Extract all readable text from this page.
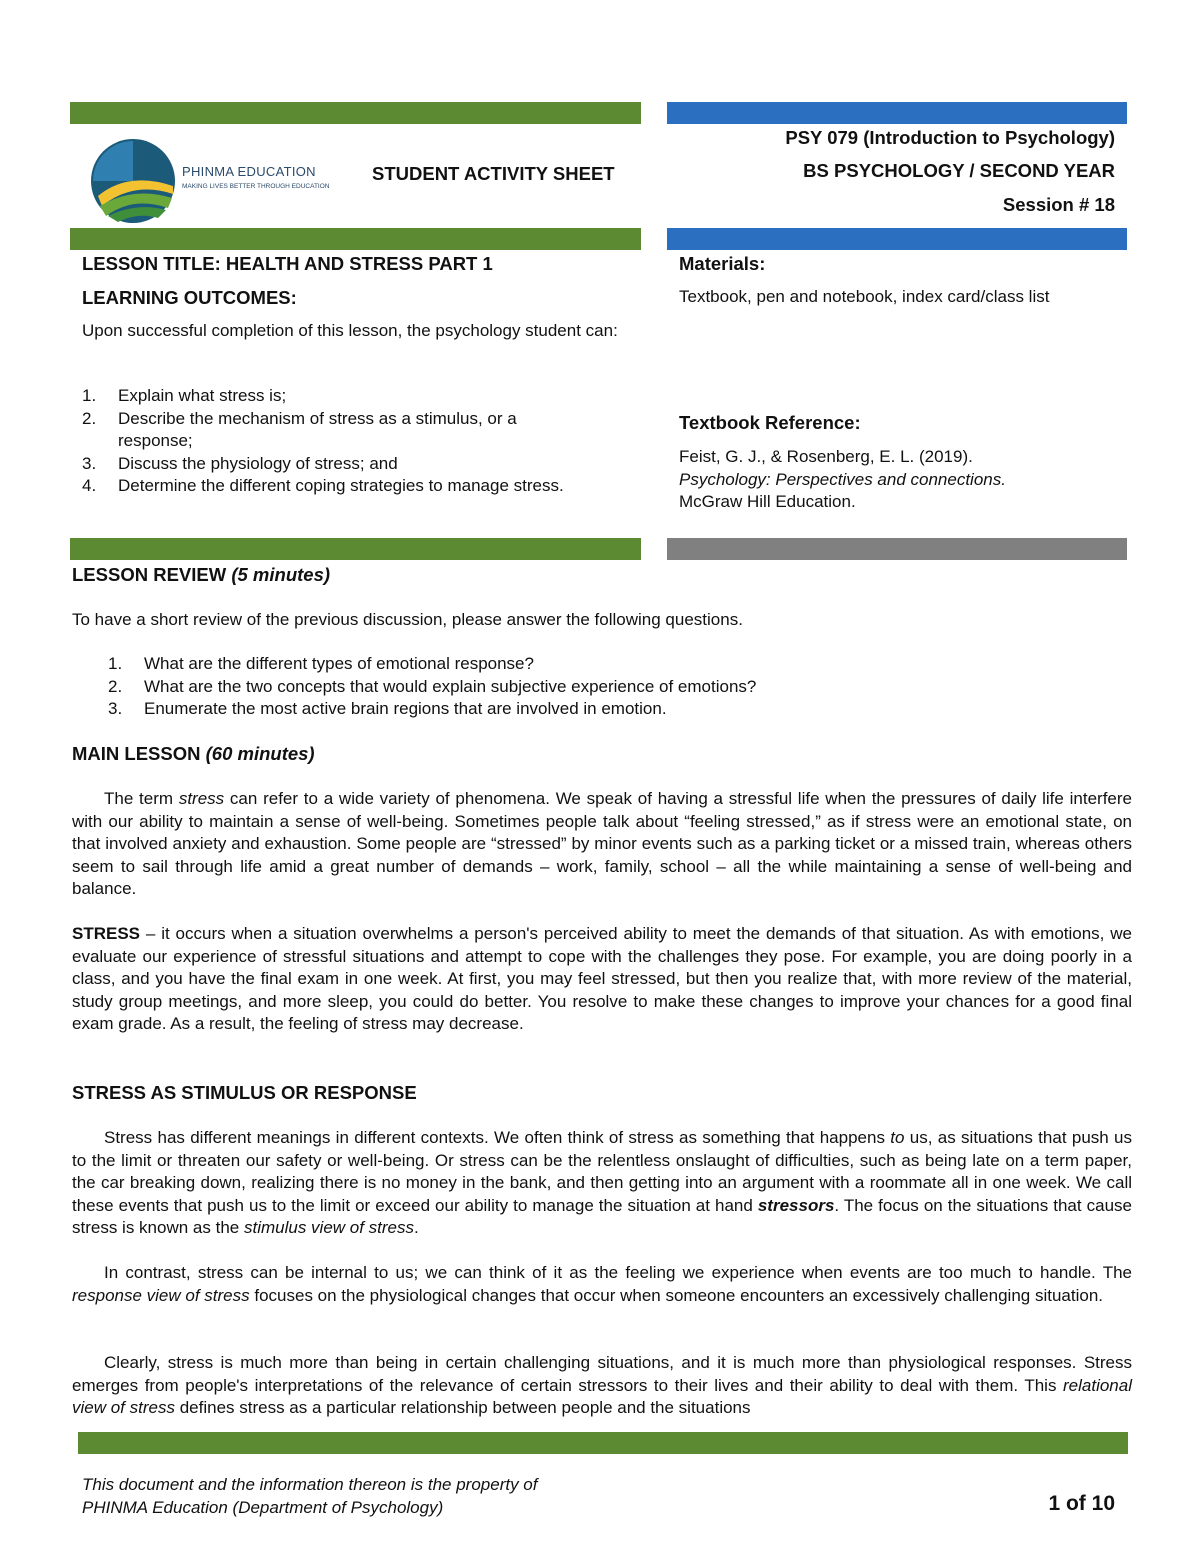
PHINMA EDUCATION
MAKING LIVES BETTER THROUGH EDUCATION
STUDENT ACTIVITY SHEET
PSY 079 (Introduction to Psychology)
BS PSYCHOLOGY / SECOND YEAR
Session # 18
LESSON TITLE: HEALTH AND STRESS PART 1
LEARNING OUTCOMES:
Upon successful completion of this lesson, the psychology student can:
1. Explain what stress is;
2. Describe the mechanism of stress as a stimulus, or a response;
3. Discuss the physiology of stress; and
4. Determine the different coping strategies to manage stress.
Materials:
Textbook, pen and notebook, index card/class list
Textbook Reference:
Feist, G. J., & Rosenberg, E. L. (2019).
Psychology: Perspectives and connections.
McGraw Hill Education.
LESSON REVIEW (5 minutes)
To have a short review of the previous discussion, please answer the following questions.
1. What are the different types of emotional response?
2. What are the two concepts that would explain subjective experience of emotions?
3. Enumerate the most active brain regions that are involved in emotion.
MAIN LESSON (60 minutes)

The term stress can refer to a wide variety of phenomena. We speak of having a stressful life when the pressures of daily life interfere with our ability to maintain a sense of well-being. Sometimes people talk about “feeling stressed,” as if stress were an emotional state, on that involved anxiety and exhaustion. Some people are “stressed” by minor events such as a parking ticket or a missed train, whereas others seem to sail through life amid a great number of demands – work, family, school – all the while maintaining a sense of well-being and balance.

STRESS – it occurs when a situation overwhelms a person's perceived ability to meet the demands of that situation. As with emotions, we evaluate our experience of stressful situations and attempt to cope with the challenges they pose. For example, you are doing poorly in a class, and you have the final exam in one week. At first, you may feel stressed, but then you realize that, with more review of the material, study group meetings, and more sleep, you could do better. You resolve to make these changes to improve your chances for a good final exam grade. As a result, the feeling of stress may decrease.

STRESS AS STIMULUS OR RESPONSE

Stress has different meanings in different contexts. We often think of stress as something that happens to us, as situations that push us to the limit or threaten our safety or well-being. Or stress can be the relentless onslaught of difficulties, such as being late on a term paper, the car breaking down, realizing there is no money in the bank, and then getting into an argument with a roommate all in one week. We call these events that push us to the limit or exceed our ability to manage the situation at hand stressors. The focus on the situations that cause stress is known as the stimulus view of stress.

In contrast, stress can be internal to us; we can think of it as the feeling we experience when events are too much to handle. The response view of stress focuses on the physiological changes that occur when someone encounters an excessively challenging situation.

Clearly, stress is much more than being in certain challenging situations, and it is much more than physiological responses. Stress emerges from people's interpretations of the relevance of certain stressors to their lives and their ability to deal with them. This relational view of stress defines stress as a particular relationship between people and the situations

This document and the information thereon is the property of
PHINMA Education (Department of Psychology)	1 of 10
